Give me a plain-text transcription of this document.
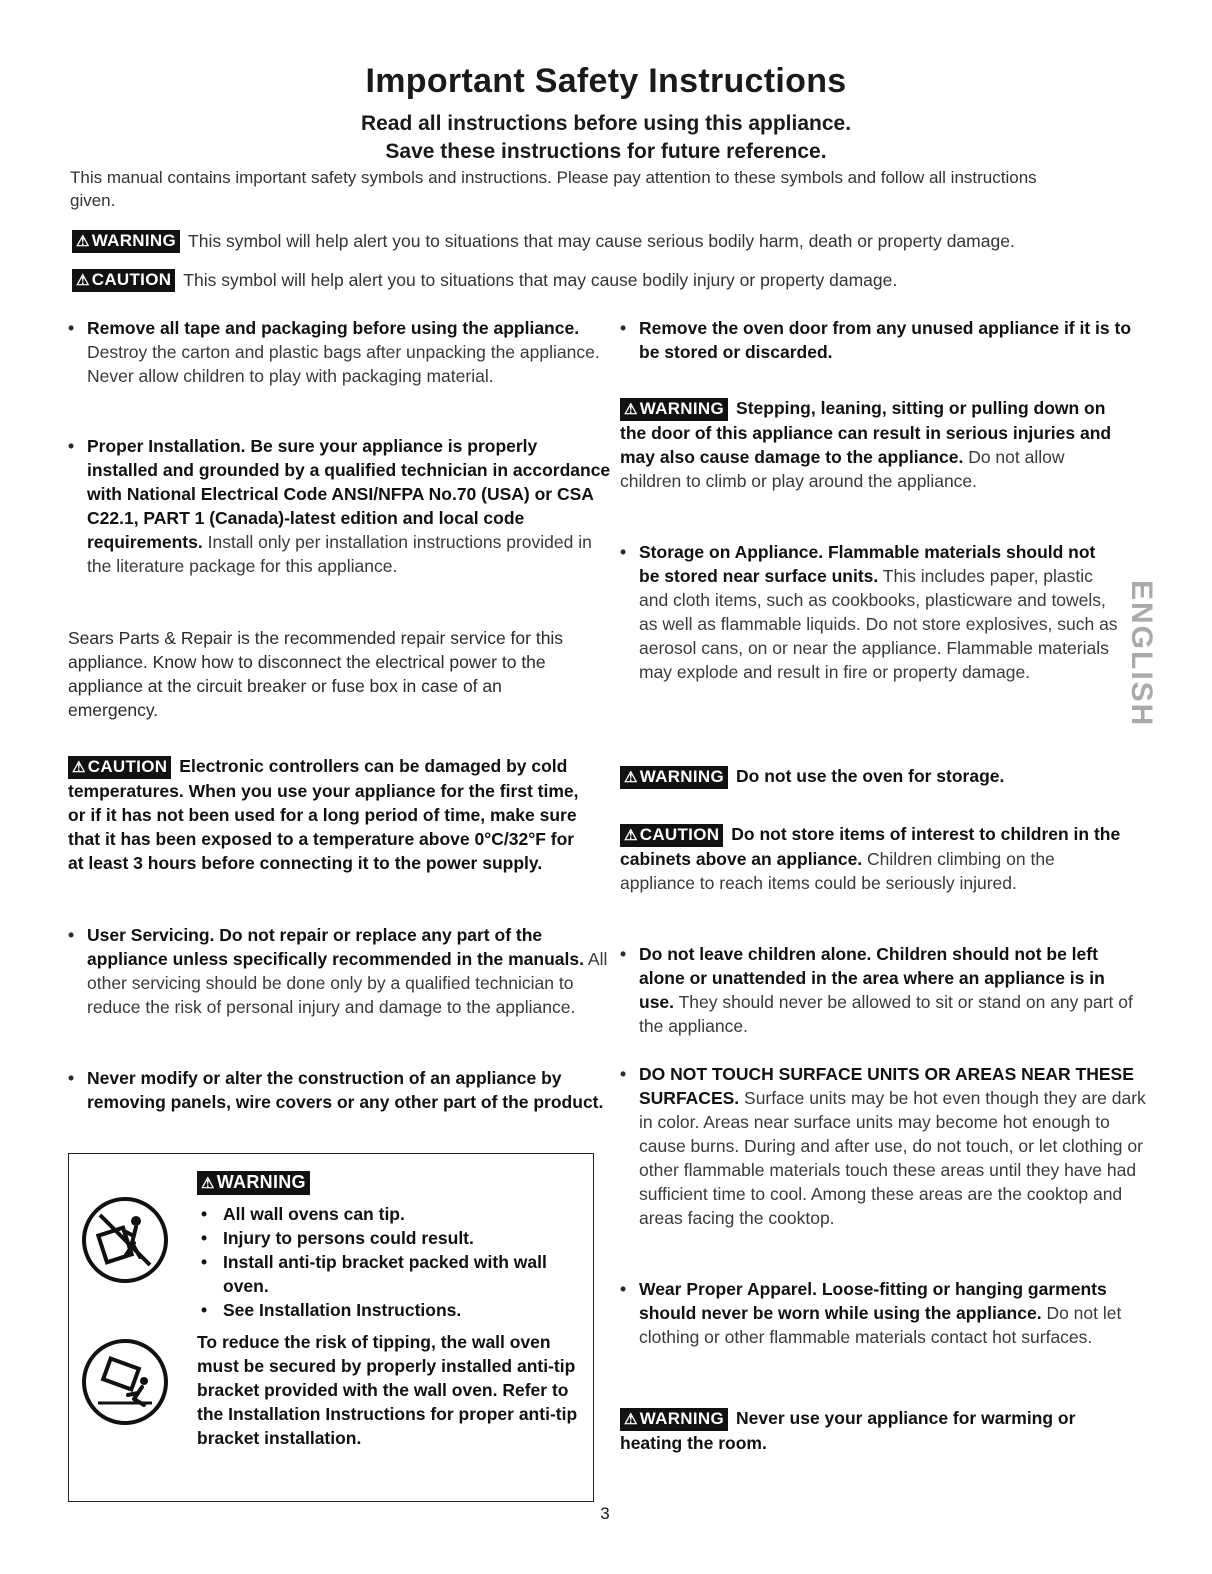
Important Safety Instructions
Read all instructions before using this appliance.
Save these instructions for future reference.
This manual contains important safety symbols and instructions. Please pay attention to these symbols and follow all instructions given.
⚠ WARNING This symbol will help alert you to situations that may cause serious bodily harm, death or property damage.
⚠ CAUTION This symbol will help alert you to situations that may cause bodily injury or property damage.
• Remove all tape and packaging before using the appliance. Destroy the carton and plastic bags after unpacking the appliance. Never allow children to play with packaging material.
• Proper Installation. Be sure your appliance is properly installed and grounded by a qualified technician in accordance with National Electrical Code ANSI/NFPA No.70 (USA) or CSA C22.1, PART 1 (Canada)-latest edition and local code requirements. Install only per installation instructions provided in the literature package for this appliance.
Sears Parts & Repair is the recommended repair service for this appliance. Know how to disconnect the electrical power to the appliance at the circuit breaker or fuse box in case of an emergency.
⚠ CAUTION Electronic controllers can be damaged by cold temperatures. When you use your appliance for the first time, or if it has not been used for a long period of time, make sure that it has been exposed to a temperature above 0°C/32°F for at least 3 hours before connecting it to the power supply.
• User Servicing. Do not repair or replace any part of the appliance unless specifically recommended in the manuals. All other servicing should be done only by a qualified technician to reduce the risk of personal injury and damage to the appliance.
• Never modify or alter the construction of an appliance by removing panels, wire covers or any other part of the product.
⚠ WARNING
• All wall ovens can tip.
• Injury to persons could result.
• Install anti-tip bracket packed with wall oven.
• See Installation Instructions.
To reduce the risk of tipping, the wall oven must be secured by properly installed anti-tip bracket provided with the wall oven. Refer to the Installation Instructions for proper anti-tip bracket installation.
• Remove the oven door from any unused appliance if it is to be stored or discarded.
⚠ WARNING Stepping, leaning, sitting or pulling down on the door of this appliance can result in serious injuries and may also cause damage to the appliance. Do not allow children to climb or play around the appliance.
• Storage on Appliance. Flammable materials should not be stored near surface units. This includes paper, plastic and cloth items, such as cookbooks, plasticware and towels, as well as flammable liquids. Do not store explosives, such as aerosol cans, on or near the appliance. Flammable materials may explode and result in fire or property damage.
⚠ WARNING Do not use the oven for storage.
⚠ CAUTION Do not store items of interest to children in the cabinets above an appliance. Children climbing on the appliance to reach items could be seriously injured.
• Do not leave children alone. Children should not be left alone or unattended in the area where an appliance is in use. They should never be allowed to sit or stand on any part of the appliance.
• DO NOT TOUCH SURFACE UNITS OR AREAS NEAR THESE SURFACES. Surface units may be hot even though they are dark in color. Areas near surface units may become hot enough to cause burns. During and after use, do not touch, or let clothing or other flammable materials touch these areas until they have had sufficient time to cool. Among these areas are the cooktop and areas facing the cooktop.
• Wear Proper Apparel. Loose-fitting or hanging garments should never be worn while using the appliance. Do not let clothing or other flammable materials contact hot surfaces.
⚠ WARNING Never use your appliance for warming or heating the room.
ENGLISH
3
